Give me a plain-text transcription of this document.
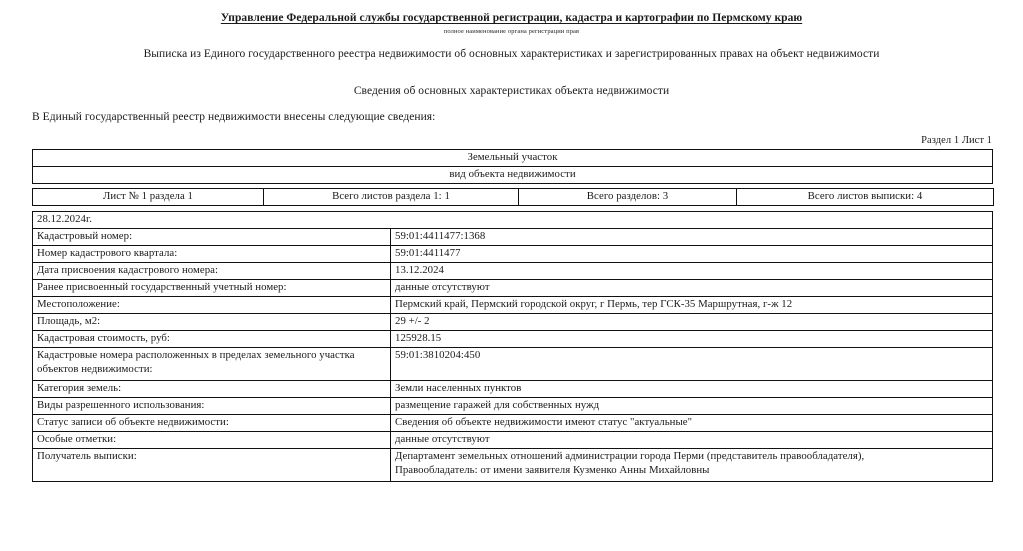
Управление Федеральной службы государственной регистрации, кадастра и картографии по Пермскому краю
полное наименование органа регистрации прав
Выписка из Единого государственного реестра недвижимости об основных характеристиках и зарегистрированных правах на объект недвижимости
Сведения об основных характеристиках объекта недвижимости
В Единый государственный реестр недвижимости внесены следующие сведения:
Раздел 1 Лист 1
Земельный участок
вид объекта недвижимости
Лист № 1 раздела 1	Всего листов раздела 1: 1	Всего разделов: 3	Всего листов выписки: 4
28.12.2024г.	
Кадастровый номер:	59:01:4411477:1368
Номер кадастрового квартала:	59:01:4411477
Дата присвоения кадастрового номера:	13.12.2024
Ранее присвоенный государственный учетный номер:	данные отсутствуют
Местоположение:	Пермский край, Пермский городской округ, г Пермь, тер ГСК-35 Маршрутная, г-ж 12
Площадь, м2:	29 +/- 2
Кадастровая стоимость, руб:	125928.15
Кадастровые номера расположенных в пределах земельного участка объектов недвижимости:	59:01:3810204:450
Категория земель:	Земли населенных пунктов
Виды разрешенного использования:	размещение гаражей для собственных нужд
Статус записи об объекте недвижимости:	Сведения об объекте недвижимости имеют статус "актуальные"
Особые отметки:	данные отсутствуют
Получатель выписки:	Департамент земельных отношений администрации города Перми (представитель правообладателя),
Правообладатель: от имени заявителя Кузменко Анны Михайловны
